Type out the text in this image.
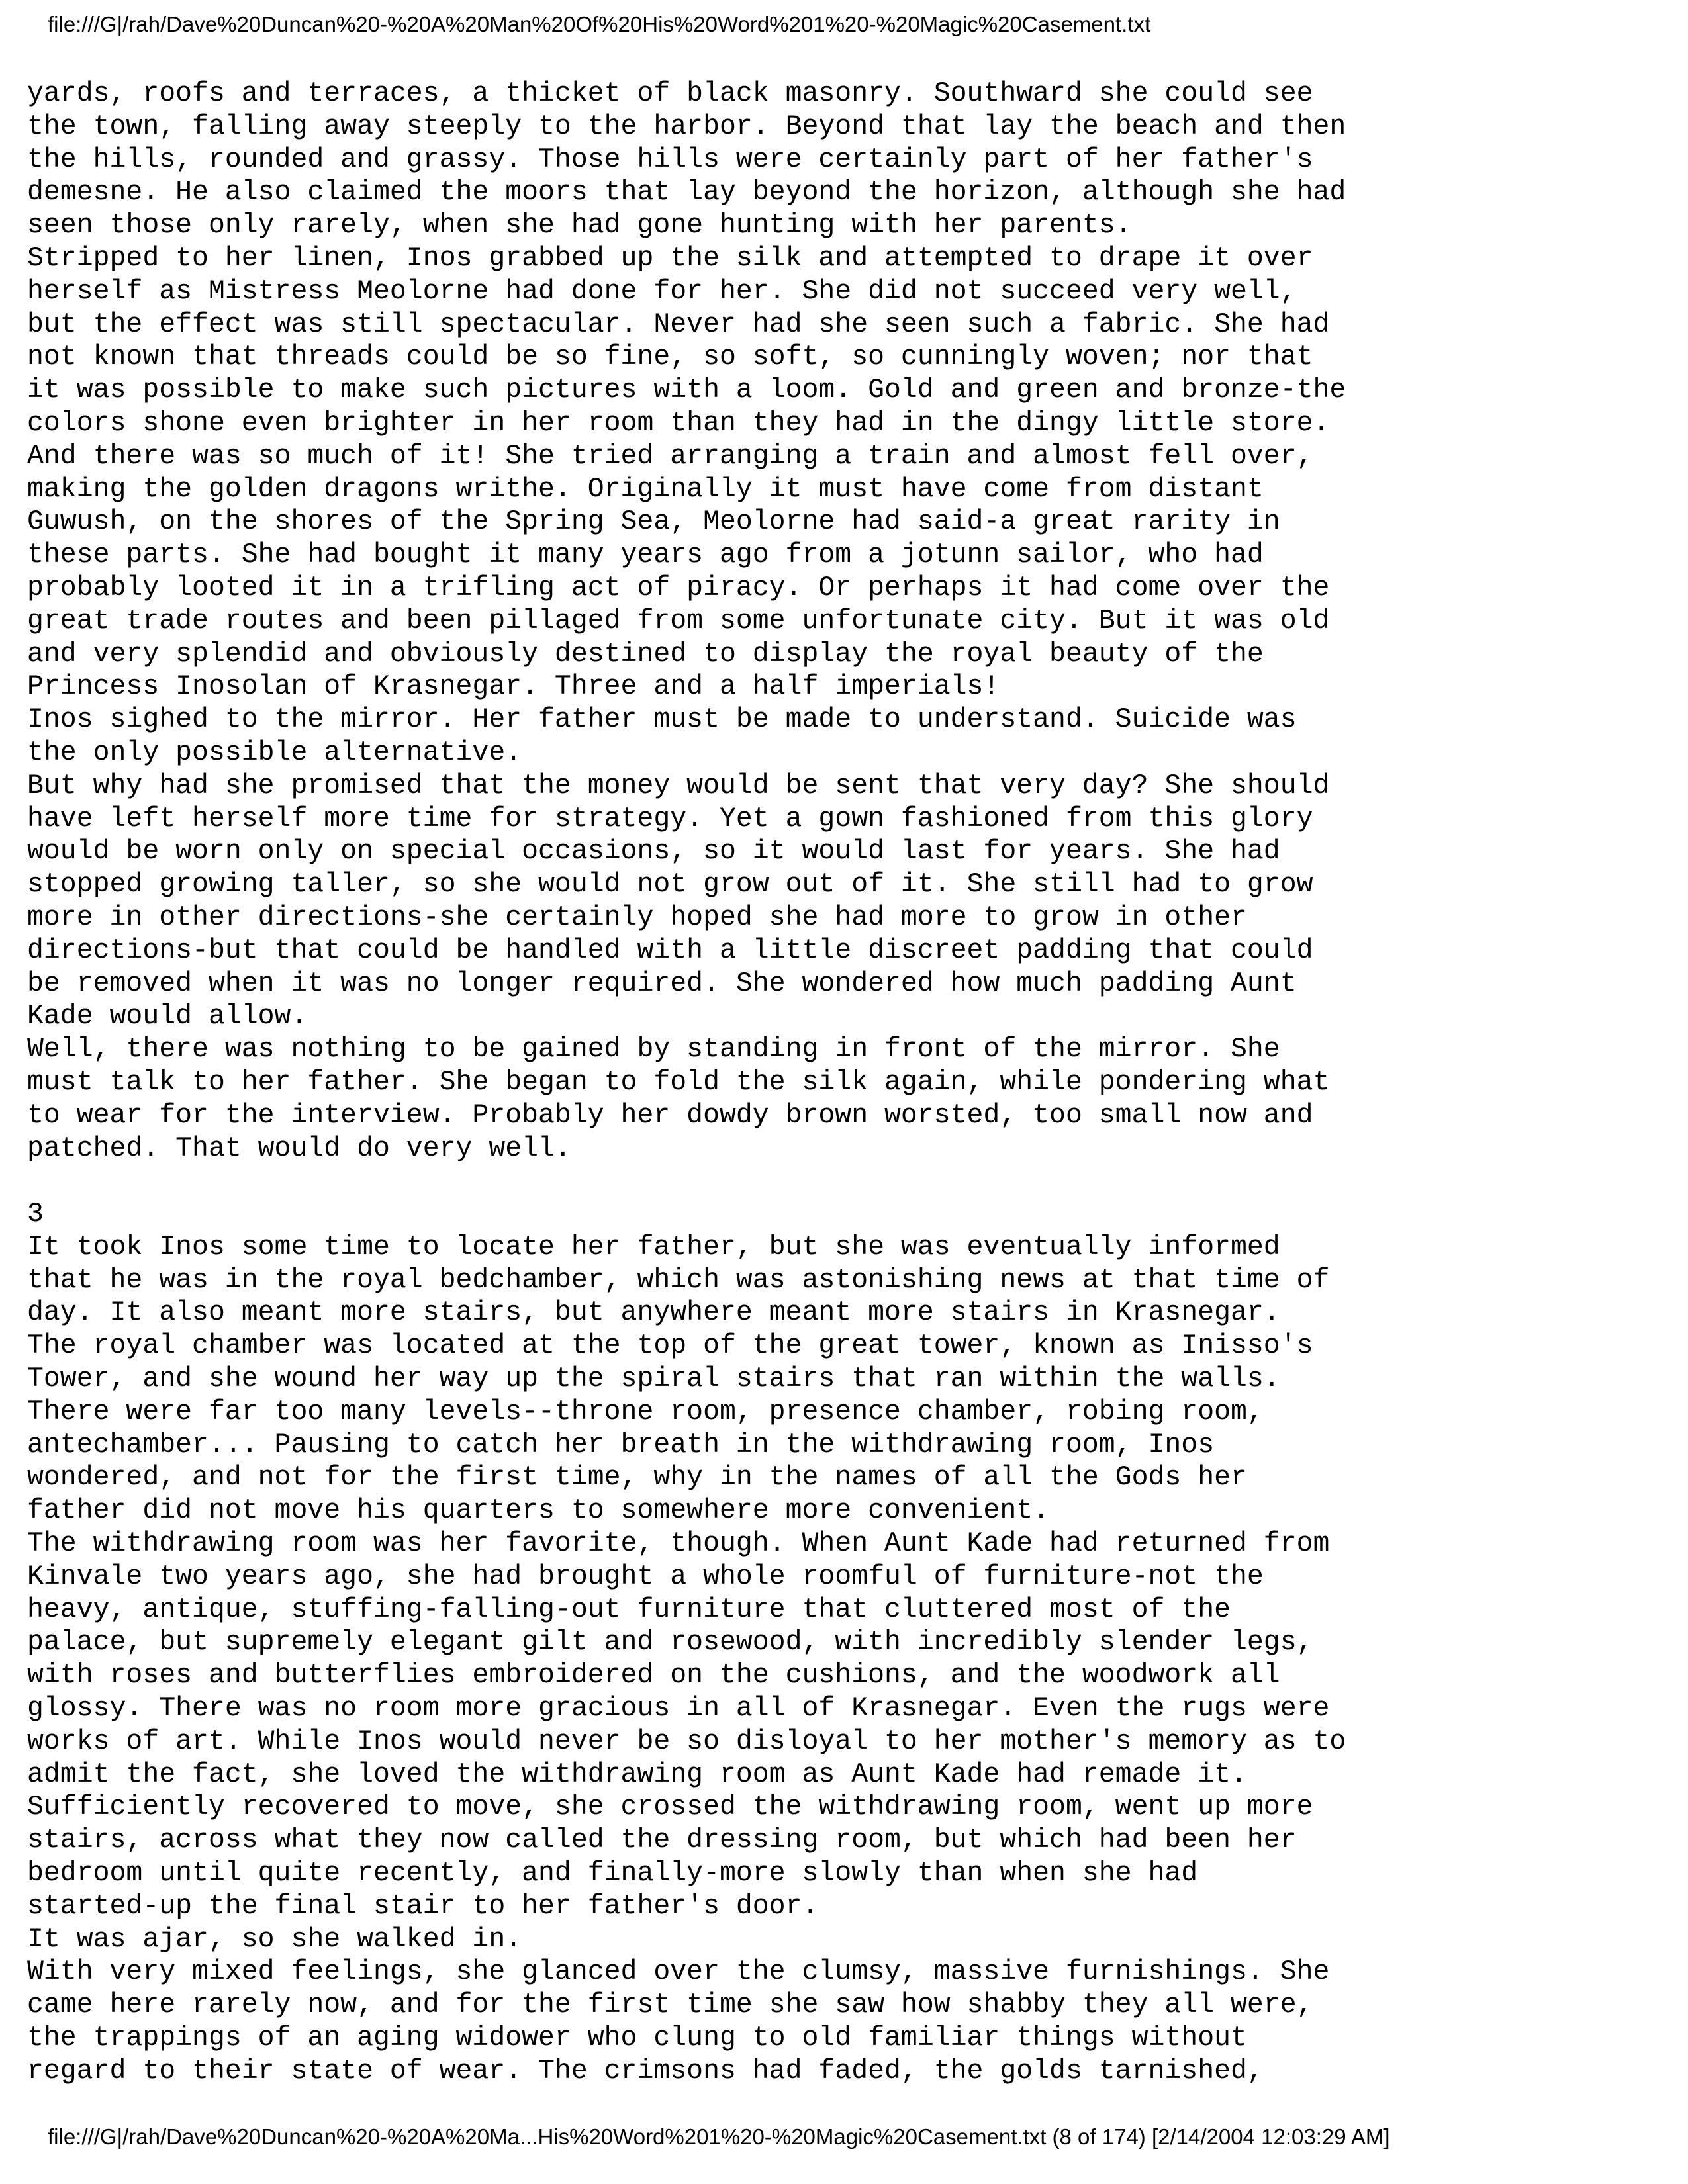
file:///G|/rah/Dave%20Duncan%20-%20A%20Man%20Of%20His%20Word%201%20-%20Magic%20Casement.txt
yards, roofs and terraces, a thicket of black masonry. Southward she could see
the town, falling away steeply to the harbor. Beyond that lay the beach and then
the hills, rounded and grassy. Those hills were certainly part of her father's
demesne. He also claimed the moors that lay beyond the horizon, although she had
seen those only rarely, when she had gone hunting with her parents.
Stripped to her linen, Inos grabbed up the silk and attempted to drape it over
herself as Mistress Meolorne had done for her. She did not succeed very well,
but the effect was still spectacular. Never had she seen such a fabric. She had
not known that threads could be so fine, so soft, so cunningly woven; nor that
it was possible to make such pictures with a loom. Gold and green and bronze-the
colors shone even brighter in her room than they had in the dingy little store.
And there was so much of it! She tried arranging a train and almost fell over,
making the golden dragons writhe. Originally it must have come from distant
Guwush, on the shores of the Spring Sea, Meolorne had said-a great rarity in
these parts. She had bought it many years ago from a jotunn sailor, who had
probably looted it in a trifling act of piracy. Or perhaps it had come over the
great trade routes and been pillaged from some unfortunate city. But it was old
and very splendid and obviously destined to display the royal beauty of the
Princess Inosolan of Krasnegar. Three and a half imperials!
Inos sighed to the mirror. Her father must be made to understand. Suicide was
the only possible alternative.
But why had she promised that the money would be sent that very day? She should
have left herself more time for strategy. Yet a gown fashioned from this glory
would be worn only on special occasions, so it would last for years. She had
stopped growing taller, so she would not grow out of it. She still had to grow
more in other directions-she certainly hoped she had more to grow in other
directions-but that could be handled with a little discreet padding that could
be removed when it was no longer required. She wondered how much padding Aunt
Kade would allow.
Well, there was nothing to be gained by standing in front of the mirror. She
must talk to her father. She began to fold the silk again, while pondering what
to wear for the interview. Probably her dowdy brown worsted, too small now and
patched. That would do very well.
3
It took Inos some time to locate her father, but she was eventually informed
that he was in the royal bedchamber, which was astonishing news at that time of
day. It also meant more stairs, but anywhere meant more stairs in Krasnegar.
The royal chamber was located at the top of the great tower, known as Inisso's
Tower, and she wound her way up the spiral stairs that ran within the walls.
There were far too many levels--throne room, presence chamber, robing room,
antechamber... Pausing to catch her breath in the withdrawing room, Inos
wondered, and not for the first time, why in the names of all the Gods her
father did not move his quarters to somewhere more convenient.
The withdrawing room was her favorite, though. When Aunt Kade had returned from
Kinvale two years ago, she had brought a whole roomful of furniture-not the
heavy, antique, stuffing-falling-out furniture that cluttered most of the
palace, but supremely elegant gilt and rosewood, with incredibly slender legs,
with roses and butterflies embroidered on the cushions, and the woodwork all
glossy. There was no room more gracious in all of Krasnegar. Even the rugs were
works of art. While Inos would never be so disloyal to her mother's memory as to
admit the fact, she loved the withdrawing room as Aunt Kade had remade it.
Sufficiently recovered to move, she crossed the withdrawing room, went up more
stairs, across what they now called the dressing room, but which had been her
bedroom until quite recently, and finally-more slowly than when she had
started-up the final stair to her father's door.
It was ajar, so she walked in.
With very mixed feelings, she glanced over the clumsy, massive furnishings. She
came here rarely now, and for the first time she saw how shabby they all were,
the trappings of an aging widower who clung to old familiar things without
regard to their state of wear. The crimsons had faded, the golds tarnished,
file:///G|/rah/Dave%20Duncan%20-%20A%20Ma...His%20Word%201%20-%20Magic%20Casement.txt (8 of 174) [2/14/2004 12:03:29 AM]
